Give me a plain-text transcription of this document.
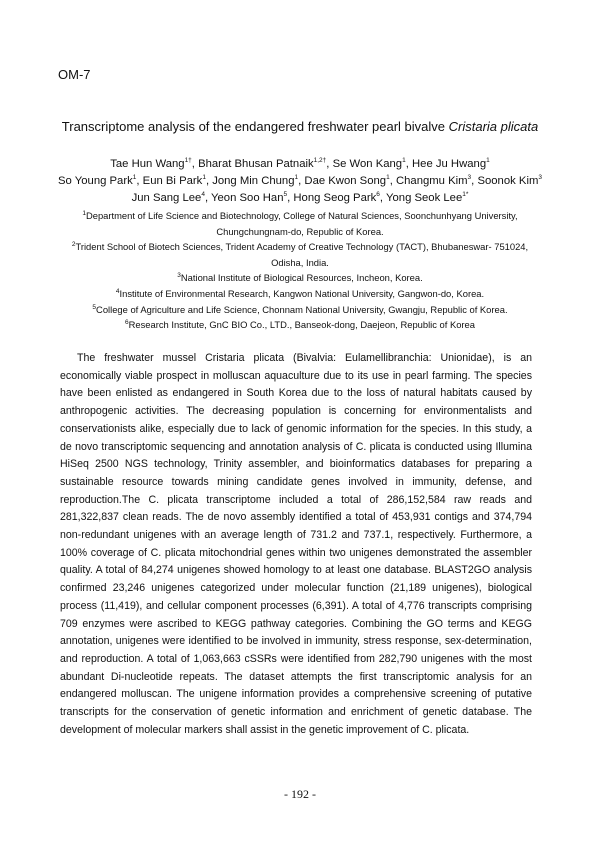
OM-7
Transcriptome analysis of the endangered freshwater pearl bivalve Cristaria plicata
Tae Hun Wang$^{1\dagger}$, Bharat Bhusan Patnaik$^{1,2\dagger}$, Se Won Kang$^1$, Hee Ju Hwang$^1$
So Young Park$^1$, Eun Bi Park$^1$, Jong Min Chung$^1$, Dae Kwon Song$^1$, Changmu Kim$^3$, Soonok Kim$^3$
Jun Sang Lee$^4$, Yeon Soo Han$^5$, Hong Seog Park$^6$, Yong Seok Lee$^{1*}$
$^1$Department of Life Science and Biotechnology, College of Natural Sciences, Soonchunhyang University,
Chungchungnam-do, Republic of Korea.
$^2$Trident School of Biotech Sciences, Trident Academy of Creative Technology (TACT), Bhubaneswar- 751024,
Odisha, India.
$^3$National Institute of Biological Resources, Incheon, Korea.
$^4$Institute of Environmental Research, Kangwon National University, Gangwon-do, Korea.
$^5$College of Agriculture and Life Science, Chonnam National University, Gwangju, Republic of Korea.
$^6$Research Institute, GnC BIO Co., LTD., Banseok-dong, Daejeon, Republic of Korea

The freshwater mussel Cristaria plicata (Bivalvia: Eulamellibranchia: Unionidae), is an economically viable prospect in molluscan aquaculture due to its use in pearl farming. The species have been enlisted as endangered in South Korea due to the loss of natural habitats caused by anthropogenic activities. The decreasing population is concerning for environmentalists and conservationists alike, especially due to lack of genomic information for the species. In this study, a de novo transcriptomic sequencing and annotation analysis of C. plicata is conducted using Illumina HiSeq 2500 NGS technology, Trinity assembler, and bioinformatics databases for preparing a sustainable resource towards mining candidate genes involved in immunity, defense, and reproduction.The C. plicata transcriptome included a total of 286,152,584 raw reads and 281,322,837 clean reads. The de novo assembly identified a total of 453,931 contigs and 374,794 non-redundant unigenes with an average length of 731.2 and 737.1, respectively. Furthermore, a 100% coverage of C. plicata mitochondrial genes within two unigenes demonstrated the assembler quality. A total of 84,274 unigenes showed homology to at least one database. BLAST2GO analysis confirmed 23,246 unigenes categorized under molecular function (21,189 unigenes), biological process (11,419), and cellular component processes (6,391). A total of 4,776 transcripts comprising 709 enzymes were ascribed to KEGG pathway categories. Combining the GO terms and KEGG annotation, unigenes were identified to be involved in immunity, stress response, sex-determination, and reproduction. A total of 1,063,663 cSSRs were identified from 282,790 unigenes with the most abundant Di-nucleotide repeats. The dataset attempts the first transcriptomic analysis for an endangered molluscan. The unigene information provides a comprehensive screening of putative transcripts for the conservation of genetic information and enrichment of genetic database. The development of molecular markers shall assist in the genetic improvement of C. plicata.

- 192 -
